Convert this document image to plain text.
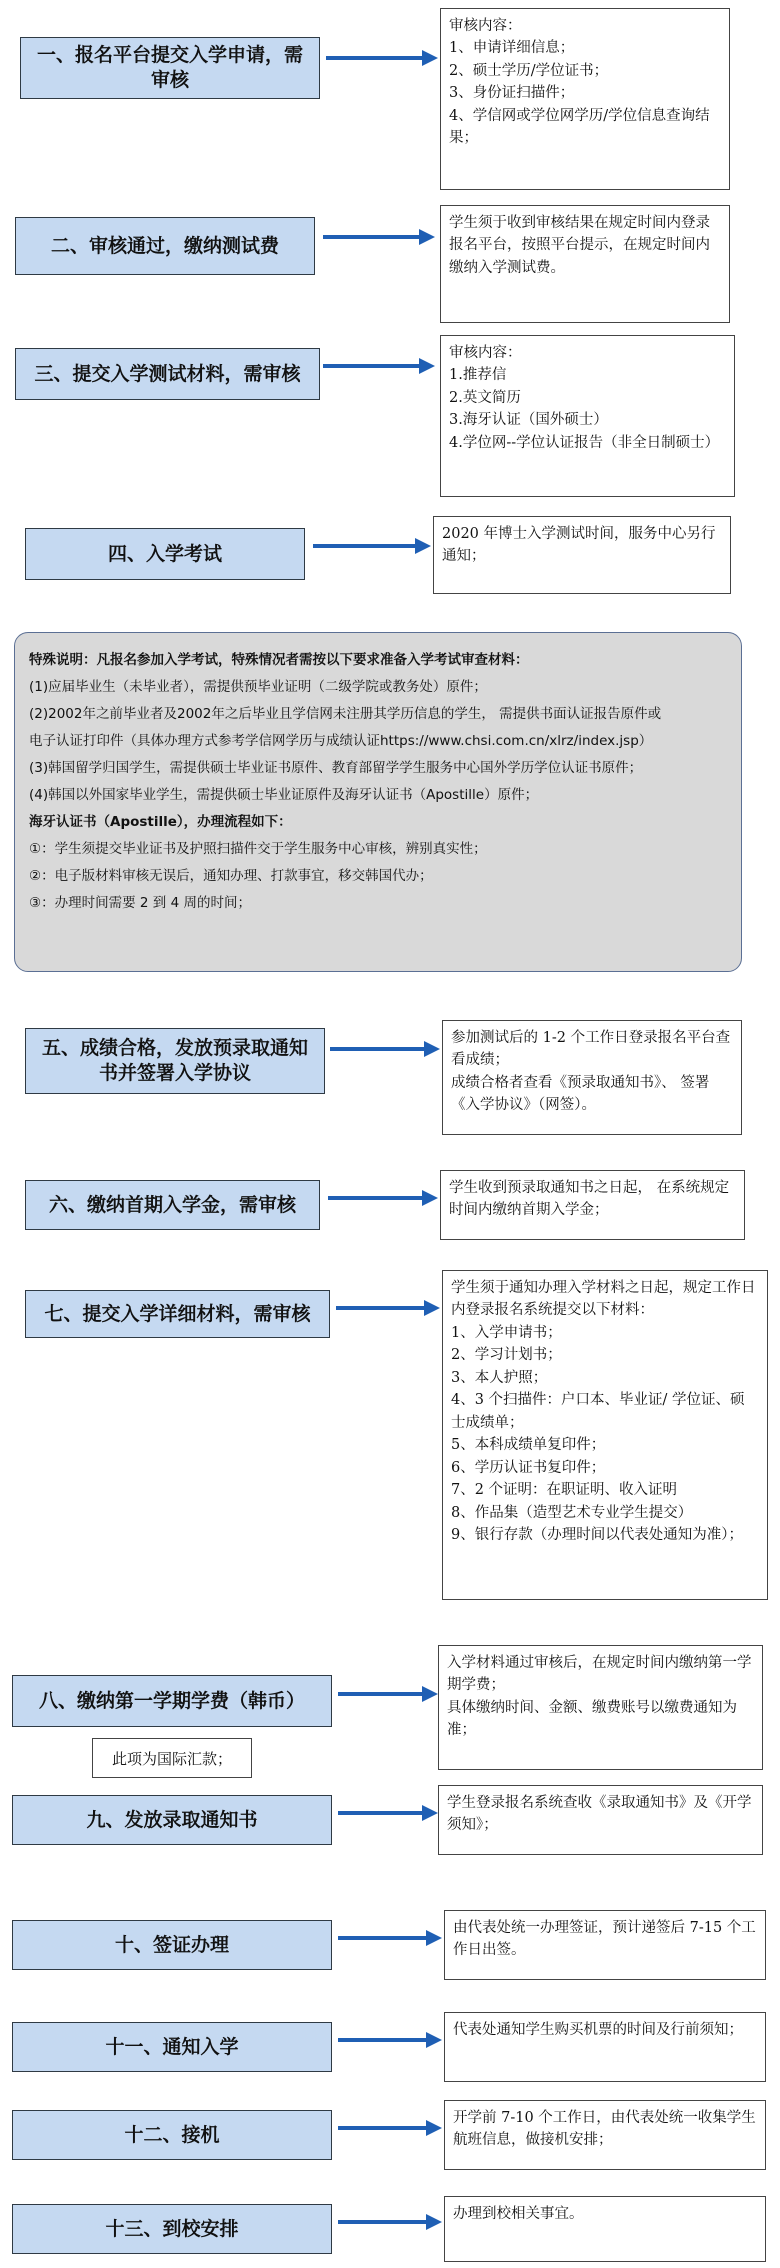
一、报名平台提交入学申请，需审核
审核内容：
1、申请详细信息；
2、硕士学历/学位证书；
3、身份证扫描件；
4、学信网或学位网学历/学位信息查询结果；
二、审核通过，缴纳测试费
学生须于收到审核结果在规定时间内登录报名平台，按照平台提示，在规定时间内缴纳入学测试费。
三、提交入学测试材料，需审核
审核内容：
1.推荐信
2.英文简历
3.海牙认证（国外硕士）
4.学位网--学位认证报告（非全日制硕士）
四、入学考试
2020 年博士入学测试时间，服务中心另行通知；
特殊说明：凡报名参加入学考试，特殊情况者需按以下要求准备入学考试审查材料：
(1)应届毕业生（未毕业者），需提供预毕业证明（二级学院或教务处）原件；
(2)2002年之前毕业者及2002年之后毕业且学信网未注册其学历信息的学生， 需提供书面认证报告原件或
电子认证打印件（具体办理方式参考学信网学历与成绩认证https://www.chsi.com.cn/xlrz/index.jsp）
(3)韩国留学归国学生，需提供硕士毕业证书原件、教育部留学学生服务中心国外学历学位认证书原件；
(4)韩国以外国家毕业学生，需提供硕士毕业证原件及海牙认证书（Apostille）原件；
海牙认证书（Apostille），办理流程如下：
①：学生须提交毕业证书及护照扫描件交于学生服务中心审核，辨别真实性；
②：电子版材料审核无误后，通知办理、打款事宜，移交韩国代办；
③：办理时间需要 2 到 4 周的时间；
五、成绩合格，发放预录取通知书并签署入学协议
参加测试后的 1-2 个工作日登录报名平台查看成绩；
成绩合格者查看《预录取通知书》、 签署《入学协议》（网签）。
六、缴纳首期入学金，需审核
学生收到预录取通知书之日起， 在系统规定时间内缴纳首期入学金；
七、提交入学详细材料，需审核
学生须于通知办理入学材料之日起，规定工作日内登录报名系统提交以下材料：
1、入学申请书；
2、学习计划书；
3、本人护照；
4、3 个扫描件：户口本、毕业证/ 学位证、硕士成绩单；
5、本科成绩单复印件；
6、学历认证书复印件；
7、2 个证明：在职证明、收入证明
8、作品集（造型艺术专业学生提交）
9、银行存款（办理时间以代表处通知为准）；
八、缴纳第一学期学费（韩币）
入学材料通过审核后，在规定时间内缴纳第一学期学费；
具体缴纳时间、金额、缴费账号以缴费通知为准；
此项为国际汇款；
九、发放录取通知书
学生登录报名系统查收《录取通知书》及《开学须知》；
十、签证办理
由代表处统一办理签证，预计递签后 7-15 个工作日出签。
十一、通知入学
代表处通知学生购买机票的时间及行前须知；
十二、接机
开学前 7-10 个工作日，由代表处统一收集学生航班信息，做接机安排；
十三、到校安排
办理到校相关事宜。
